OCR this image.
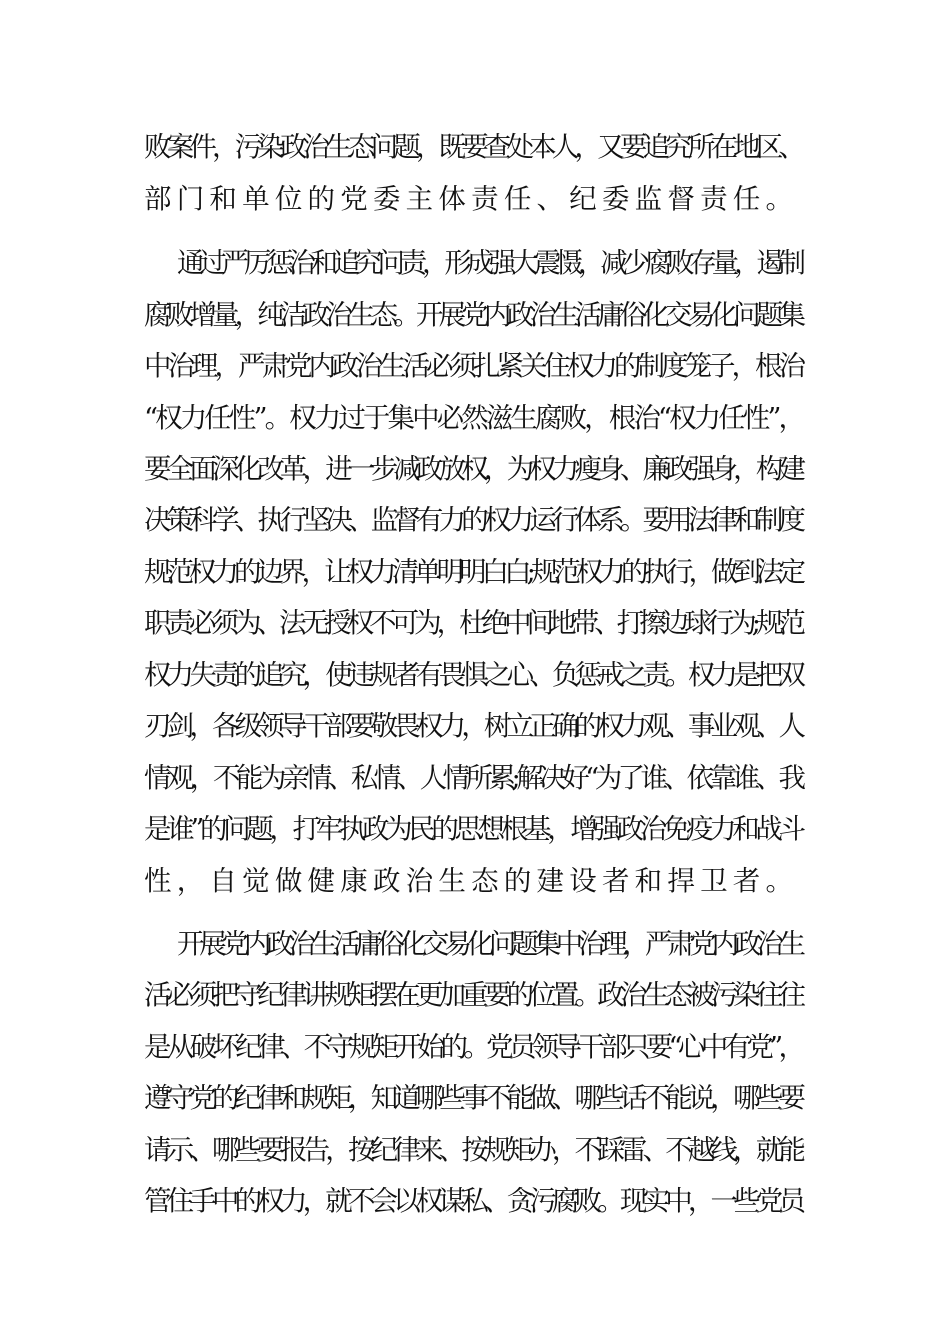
败案件，污染政治生态问题，既要查处本人，又要追究所在地区、
部门和单位的党委主体责任、纪委监督责任。
通过严厉惩治和追究问责，形成强大震慑，减少腐败存量，遏制
腐败增量，纯洁政治生态。开展党内政治生活庸俗化交易化问题集
中治理，严肃党内政治生活必须扎紧关住权力的制度笼子，根治
“权力任性”。权力过于集中必然滋生腐败，根治“权力任性”，
要全面深化改革，进一步减政放权，为权力瘦身、廉政强身，构建
决策科学、执行坚决、监督有力的权力运行体系。要用法律和制度
规范权力的边界，让权力清单明明白白;规范权力的执行，做到法定
职责必须为、法无授权不可为，杜绝中间地带、打擦边球行为;规范
权力失责的追究，使违规者有畏惧之心、负惩戒之责。权力是把双
刃剑，各级领导干部要敬畏权力，树立正确的权力观、事业观、人
情观，不能为亲情、私情、人情所累;解决好“为了谁、依靠谁、我
是谁”的问题，打牢执政为民的思想根基，增强政治免疫力和战斗
性，自觉做健康政治生态的建设者和捍卫者。
开展党内政治生活庸俗化交易化问题集中治理，严肃党内政治生
活必须把守纪律讲规矩摆在更加重要的位置。政治生态被污染往往
是从破坏纪律、不守规矩开始的。党员领导干部只要“心中有党”，
遵守党的纪律和规矩，知道哪些事不能做、哪些话不能说，哪些要
请示、哪些要报告，按纪律来、按规矩办，不踩雷、不越线，就能
管住手中的权力，就不会以权谋私、贪污腐败。现实中，一些党员
